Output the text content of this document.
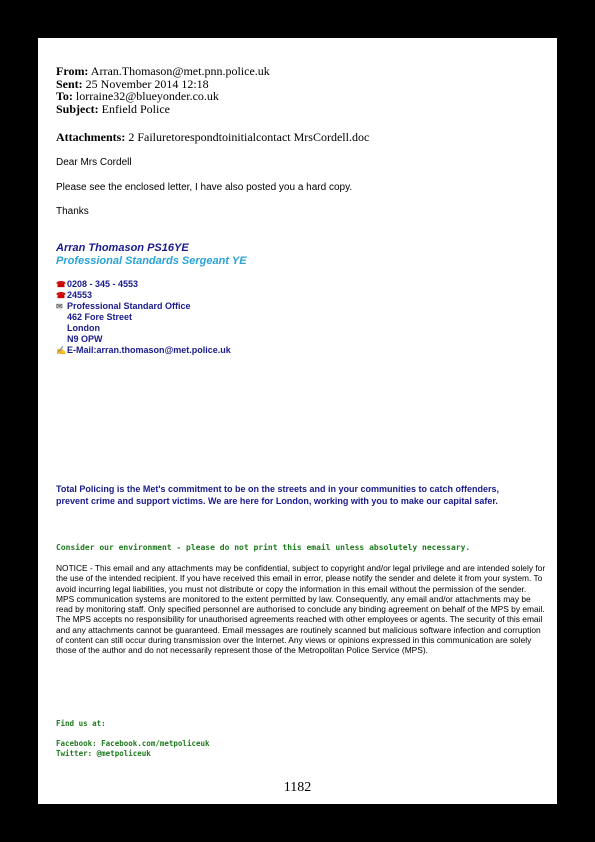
From: Arran.Thomason@met.pnn.police.uk
Sent: 25 November 2014 12:18
To: lorraine32@blueyonder.co.uk
Subject: Enfield Police
Attachments: 2 Failuretorespondtoinitialcontact MrsCordell.doc
Dear Mrs Cordell
Please see the enclosed letter, I have also posted you a hard copy.
Thanks
Arran Thomason PS16YE
Professional Standards Sergeant YE
☎ 0208 - 345 - 4553
☎ 24553
✉ Professional Standard Office
462 Fore Street
London
N9 OPW
✍ E-Mail:arran.thomason@met.police.uk
Total Policing is the Met's commitment to be on the streets and in your communities to catch offenders,
prevent crime and support victims. We are here for London, working with you to make our capital safer.
Consider our environment - please do not print this email unless absolutely necessary.
NOTICE - This email and any attachments may be confidential, subject to copyright and/or legal privilege and are intended solely for the use of the intended recipient. If you have received this email in error, please notify the sender and delete it from your system. To avoid incurring legal liabilities, you must not distribute or copy the information in this email without the permission of the sender. MPS communication systems are monitored to the extent permitted by law. Consequently, any email and/or attachments may be read by monitoring staff. Only specified personnel are authorised to conclude any binding agreement on behalf of the MPS by email. The MPS accepts no responsibility for unauthorised agreements reached with other employees or agents. The security of this email and any attachments cannot be guaranteed. Email messages are routinely scanned but malicious software infection and corruption of content can still occur during transmission over the Internet. Any views or opinions expressed in this communication are solely those of the author and do not necessarily represent those of the Metropolitan Police Service (MPS).
Find us at:
Facebook: Facebook.com/metpoliceuk
Twitter: @metpoliceuk
1182
